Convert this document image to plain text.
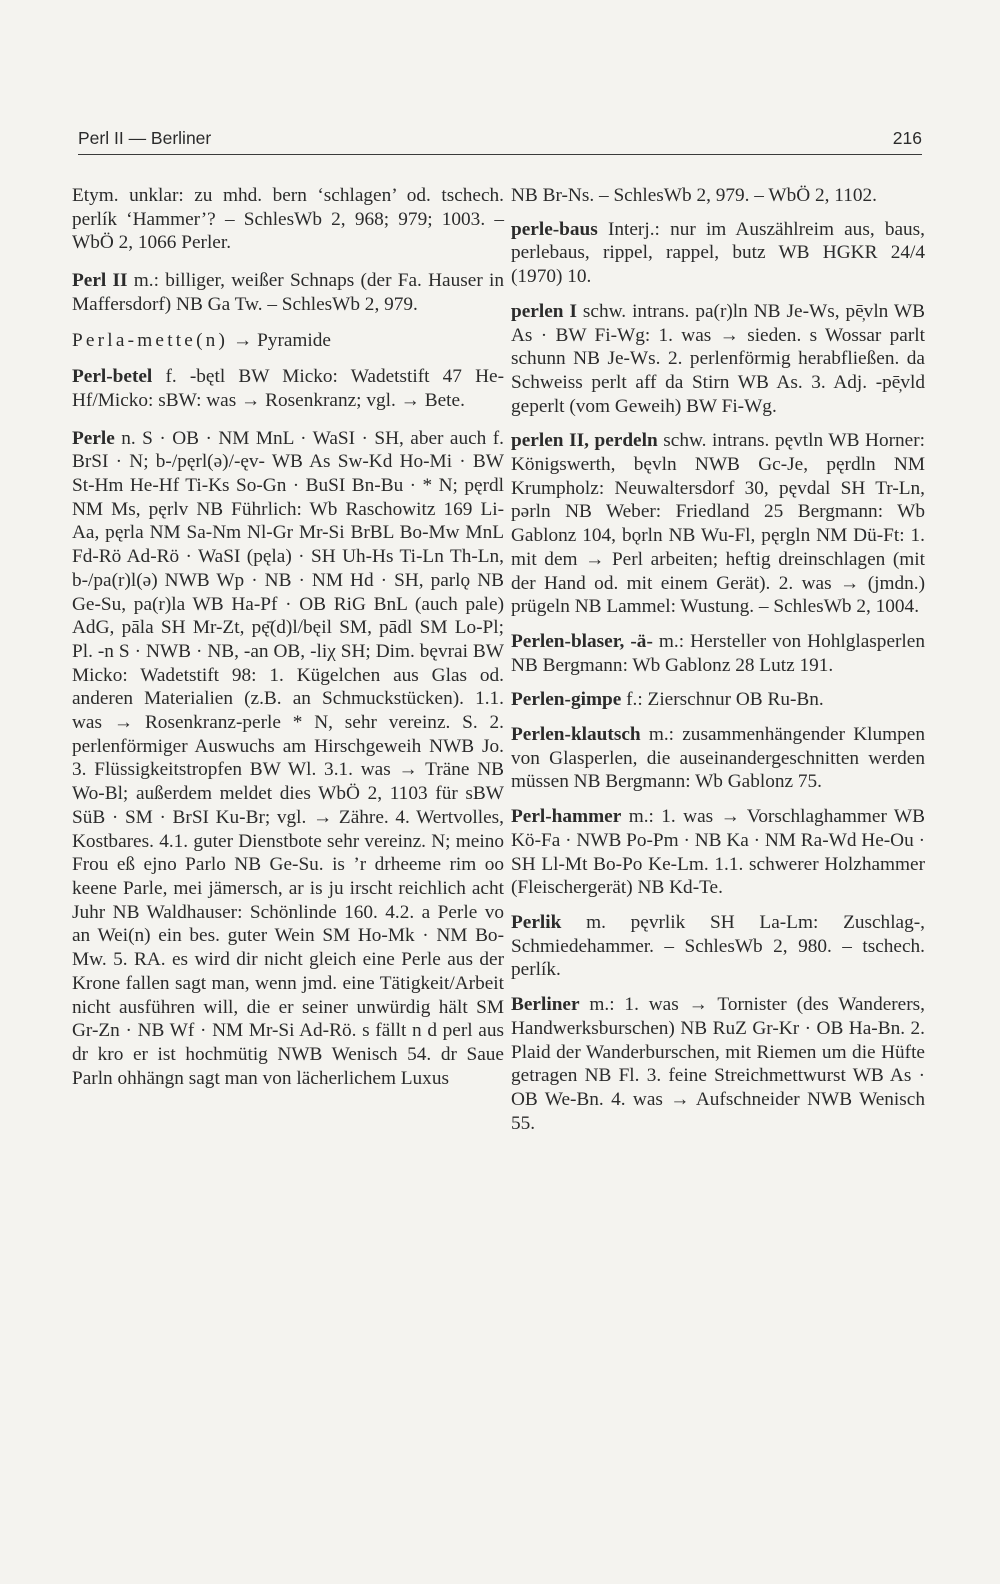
Perl II — Berliner	216

Etym. unklar: zu mhd. bern ‘schlagen’ od. tschech. perlík ‘Hammer’? – SchlesWb 2, 968; 979; 1003. – WbÖ 2, 1066 Perler.

Perl II m.: billiger, weißer Schnaps (der Fa. Hauser in Maffersdorf) NB Ga Tw. – SchlesWb 2, 979.

Perla-mette(n) → Pyramide

Perl-betel f. -bętl BW Micko: Wadetstift 47 He-Hf/Micko: sBW: was → Rosenkranz; vgl. → Bete.

Perle n. S · OB · NM MnL · WaSI · SH, aber auch f. BrSI · N; b-/pęrl(ə)/-ęv- WB As Sw-Kd Ho-Mi · BW St-Hm He-Hf Ti-Ks So-Gn · BuSI Bn-Bu · * N; pęrdl NM Ms, pęrlv NB Führlich: Wb Raschowitz 169 Li-Aa, pęrla NM Sa-Nm Nl-Gr Mr-Si BrBL Bo-Mw MnL Fd-Rö Ad-Rö · WaSI (pęla) · SH Uh-Hs Ti-Ln Th-Ln, b-/pa(r)l(ə) NWB Wp · NB · NM Hd · SH, parlǫ NB Ge-Su, pa(r)la WB Ha-Pf · OB RiG BnL (auch pale) AdG, pāla SH Mr-Zt, pę̄(d)l/bęil SM, pādl SM Lo-Pl; Pl. -n S · NWB · NB, -an OB, -liχ SH; Dim. bęvrai BW Micko: Wadetstift 98: 1. Kügelchen aus Glas od. anderen Materialien (z.B. an Schmuckstücken). 1.1. was → Rosenkranz-perle * N, sehr vereinz. S. 2. perlenförmiger Auswuchs am Hirschgeweih NWB Jo. 3. Flüssigkeitstropfen BW Wl. 3.1. was → Träne NB Wo-Bl; außerdem meldet dies WbÖ 2, 1103 für sBW SüB · SM · BrSI Ku-Br; vgl. → Zähre. 4. Wertvolles, Kostbares. 4.1. guter Dienstbote sehr vereinz. N; meino Frou eß ejno Parlo NB Ge-Su. is ’r drheeme rim oo keene Parle, mei jämersch, ar is ju irscht reichlich acht Juhr NB Waldhauser: Schönlinde 160. 4.2. a Perle vo an Wei(n) ein bes. guter Wein SM Ho-Mk · NM Bo-Mw. 5. RA. es wird dir nicht gleich eine Perle aus der Krone fallen sagt man, wenn jmd. eine Tätigkeit/Arbeit nicht ausführen will, die er seiner unwürdig hält SM Gr-Zn · NB Wf · NM Mr-Si Ad-Rö. s fällt n d perl aus dr kro er ist hochmütig NWB Wenisch 54. dr Saue Parln ohhängn sagt man von lächerlichem Luxus

NB Br-Ns. – SchlesWb 2, 979. – WbÖ 2, 1102.

perle-baus Interj.: nur im Auszählreim aus, baus, perlebaus, rippel, rappel, butz WB HGKR 24/4 (1970) 10.

perlen I schw. intrans. pa(r)ln NB Je-Ws, pē̦vln WB As · BW Fi-Wg: 1. was → sieden. s Wossar parlt schunn NB Je-Ws. 2. perlenförmig herabfließen. da Schweiss perlt aff da Stirn WB As. 3. Adj. -pē̦vld geperlt (vom Geweih) BW Fi-Wg.

perlen II, perdeln schw. intrans. pęvtln WB Horner: Königswerth, bęvln NWB Gc-Je, pęrdln NM Krumpholz: Neuwaltersdorf 30, pęvdal SH Tr-Ln, pərln NB Weber: Friedland 25 Bergmann: Wb Gablonz 104, bǫrln NB Wu-Fl, pęrgln NM Dü-Ft: 1. mit dem → Perl arbeiten; heftig dreinschlagen (mit der Hand od. mit einem Gerät). 2. was → (jmdn.) prügeln NB Lammel: Wustung. – SchlesWb 2, 1004.

Perlen-blaser, -ä- m.: Hersteller von Hohlglasperlen NB Bergmann: Wb Gablonz 28 Lutz 191.

Perlen-gimpe f.: Zierschnur OB Ru-Bn.

Perlen-klautsch m.: zusammenhängender Klumpen von Glasperlen, die auseinandergeschnitten werden müssen NB Bergmann: Wb Gablonz 75.

Perl-hammer m.: 1. was → Vorschlaghammer WB Kö-Fa · NWB Po-Pm · NB Ka · NM Ra-Wd He-Ou · SH Ll-Mt Bo-Po Ke-Lm. 1.1. schwerer Holzhammer (Fleischergerät) NB Kd-Te.

Perlik m. pęvrlik SH La-Lm: Zuschlag-, Schmiedehammer. – SchlesWb 2, 980. – tschech. perlík.

Berliner m.: 1. was → Tornister (des Wanderers, Handwerksburschen) NB RuZ Gr-Kr · OB Ha-Bn. 2. Plaid der Wanderburschen, mit Riemen um die Hüfte getragen NB Fl. 3. feine Streichmettwurst WB As · OB We-Bn. 4. was → Aufschneider NWB Wenisch 55.
